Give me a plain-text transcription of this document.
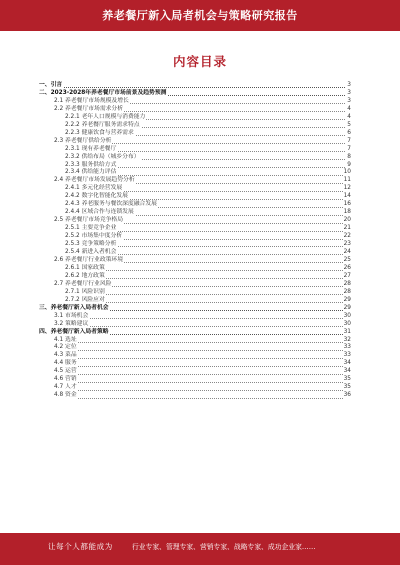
养老餐厅新入局者机会与策略研究报告
内容目录
一、引言	3
二、2023-2028年养老餐厅市场前景及趋势预测	3
2.1 养老餐厅市场规模及增长	3
2.2 养老餐厅市场需求分析	4
2.2.1 老年人口规模与消费能力	4
2.2.2 养老餐厅服务需求特点	5
2.2.3 健康饮食与营养需求	6
2.3 养老餐厅供给分析	7
2.3.1 现有养老餐厅	7
2.3.2 供给布局（城乡分布）	8
2.3.3 服务供给方式	9
2.3.4 供给能力评估	10
2.4 养老餐厅市场发展趋势分析	11
2.4.1 多元化经营发展	12
2.4.2 数字化智能化发展	14
2.4.3 养老服务与餐饮深度融合发展	16
2.4.4 区域合作与连锁发展	18
2.5 养老餐厅市场竞争格局	20
2.5.1 主要竞争企业	21
2.5.2 市场集中度分析	22
2.5.3 竞争策略分析	23
2.5.4 新进入者机会	24
2.6 养老餐厅行业政策环境	25
2.6.1 国家政策	26
2.6.2 地方政策	27
2.7 养老餐厅行业风险	28
2.7.1 风险识别	28
2.7.2 风险应对	29
三、养老餐厅新入局者机会	29
3.1 市场机会	30
3.2 策略建议	30
四、养老餐厅新入局者策略	31
4.1 选址	32
4.2 定位	33
4.3 菜品	33
4.4 服务	34
4.5 运营	34
4.6 营销	35
4.7 人才	35
4.8 资金	36
让每个人都能成为	行业专家、管理专家、营销专家、战略专家、成功企业家……
